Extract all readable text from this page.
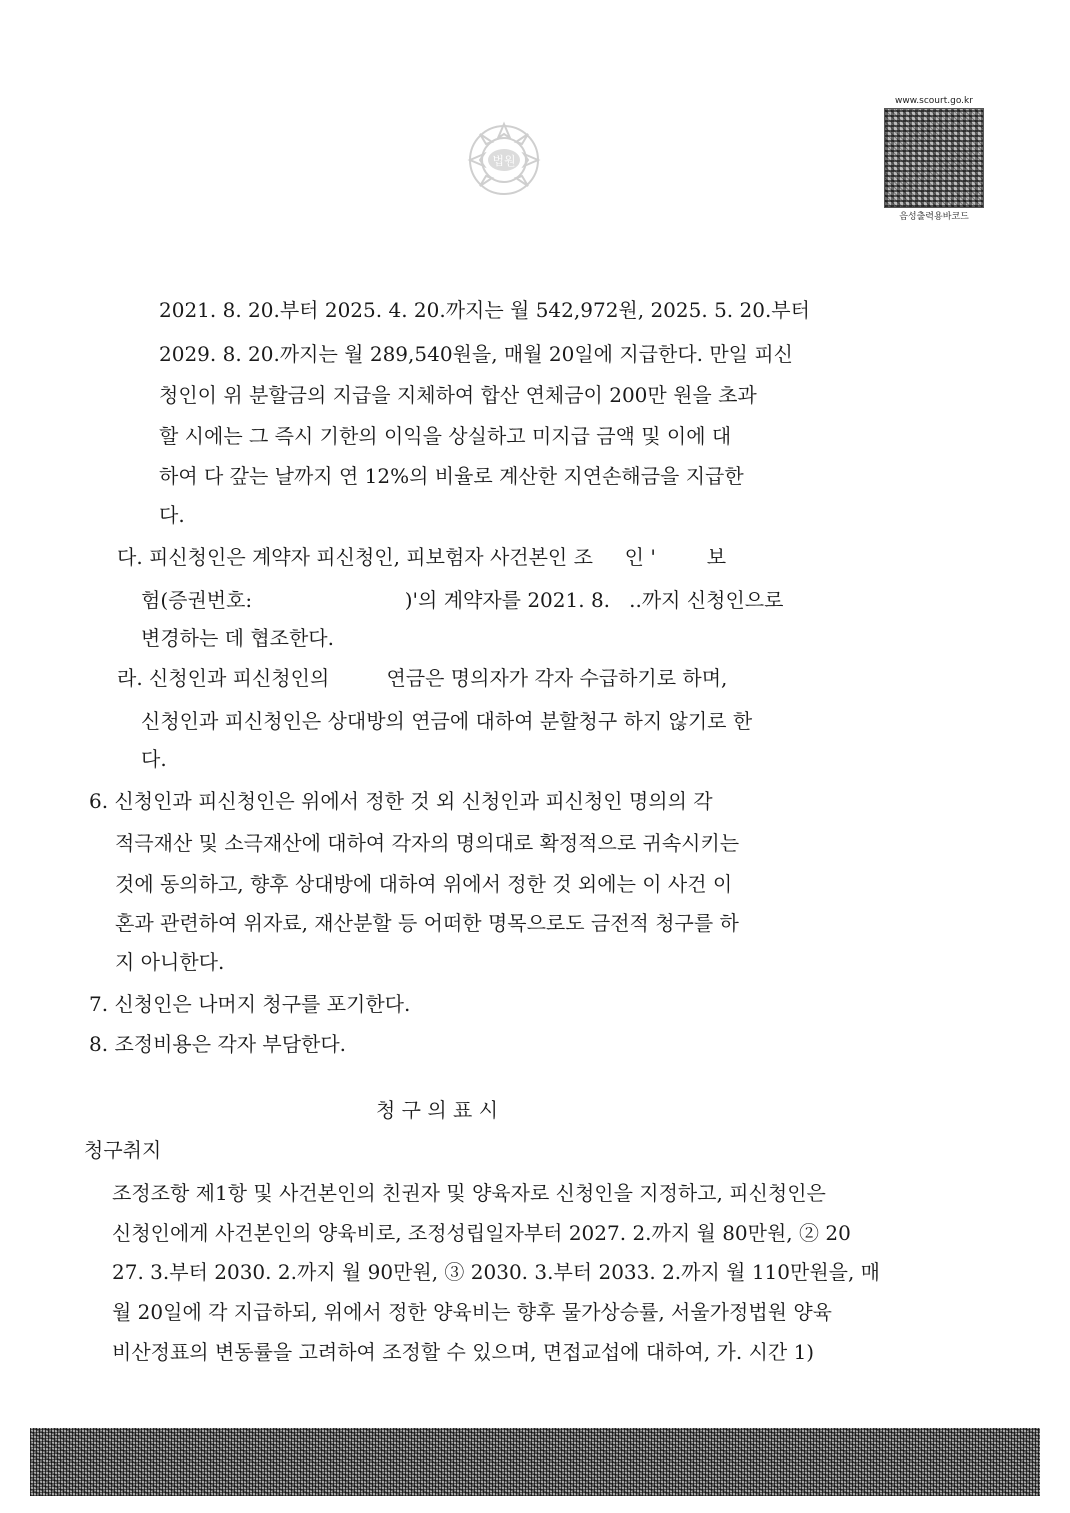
법원
www.scourt.go.kr
음성출력용바코드
2021. 8. 20.부터 2025. 4. 20.까지는 월 542,972원, 2025. 5. 20.부터
2029. 8. 20.까지는 월 289,540원을, 매월 20일에 지급한다. 만일 피신
청인이 위 분할금의 지급을 지체하여 합산 연체금이 200만 원을 초과
할 시에는 그 즉시 기한의 이익을 상실하고 미지급 금액 및 이에 대
하여 다 갚는 날까지 연 12%의 비율로 계산한 지연손해금을 지급한
다.
다. 피신청인은 계약자 피신청인, 피보험자 사건본인 조     인 '        보
험(증권번호:                        )'의 계약자를 2021. 8.   ..까지 신청인으로
변경하는 데 협조한다.
라. 신청인과 피신청인의         연금은 명의자가 각자 수급하기로 하며,
신청인과 피신청인은 상대방의 연금에 대하여 분할청구 하지 않기로 한
다.
6. 신청인과 피신청인은 위에서 정한 것 외 신청인과 피신청인 명의의 각
적극재산 및 소극재산에 대하여 각자의 명의대로 확정적으로 귀속시키는
것에 동의하고, 향후 상대방에 대하여 위에서 정한 것 외에는 이 사건 이
혼과 관련하여 위자료, 재산분할 등 어떠한 명목으로도 금전적 청구를 하
지 아니한다.
7. 신청인은 나머지 청구를 포기한다.
8. 조정비용은 각자 부담한다.
청 구 의 표 시
청구취지
조정조항 제1항 및 사건본인의 친권자 및 양육자로 신청인을 지정하고, 피신청인은
신청인에게 사건본인의 양육비로, 조정성립일자부터 2027. 2.까지 월 80만원, ② 20
27. 3.부터 2030. 2.까지 월 90만원, ③ 2030. 3.부터 2033. 2.까지 월 110만원을, 매
월 20일에 각 지급하되, 위에서 정한 양육비는 향후 물가상승률, 서울가정법원 양육
비산정표의 변동률을 고려하여 조정할 수 있으며, 면접교섭에 대하여, 가. 시간 1)
